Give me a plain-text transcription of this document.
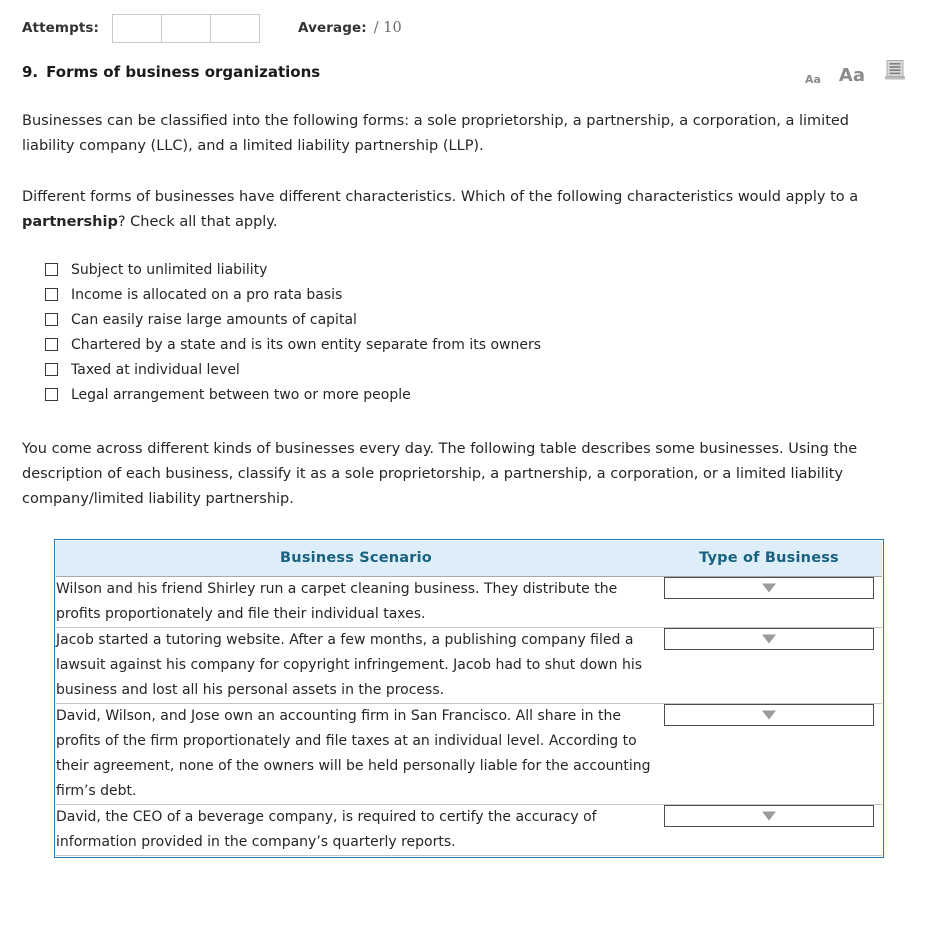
Attempts:	Average: / 10
9. Forms of business organizations	Aa Aa
Businesses can be classified into the following forms: a sole proprietorship, a partnership, a corporation, a limited liability company (LLC), and a limited liability partnership (LLP).
Different forms of businesses have different characteristics. Which of the following characteristics would apply to a partnership? Check all that apply.
Subject to unlimited liability
Income is allocated on a pro rata basis
Can easily raise large amounts of capital
Chartered by a state and is its own entity separate from its owners
Taxed at individual level
Legal arrangement between two or more people
You come across different kinds of businesses every day. The following table describes some businesses. Using the description of each business, classify it as a sole proprietorship, a partnership, a corporation, or a limited liability company/limited liability partnership.
Business Scenario	Type of Business
Wilson and his friend Shirley run a carpet cleaning business. They distribute the profits proportionately and file their individual taxes.	

Jacob started a tutoring website. After a few months, a publishing company filed a lawsuit against his company for copyright infringement. Jacob had to shut down his business and lost all his personal assets in the process.	

David, Wilson, and Jose own an accounting firm in San Francisco. All share in the profits of the firm proportionately and file taxes at an individual level. According to their agreement, none of the owners will be held personally liable for the accounting firm’s debt.	

David, the CEO of a beverage company, is required to certify the accuracy of information provided in the company’s quarterly reports.	
